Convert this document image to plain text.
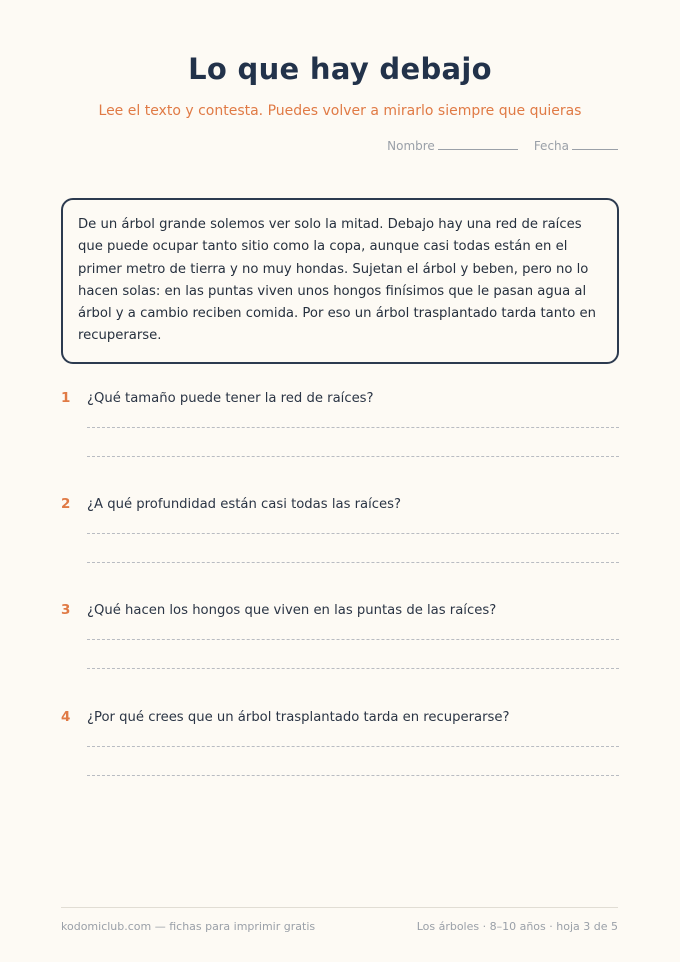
Lo que hay debajo
Lee el texto y contesta. Puedes volver a mirarlo siempre que quieras
Nombre	Fecha

De un árbol grande solemos ver solo la mitad. Debajo hay una red de raíces que puede ocupar tanto sitio como la copa, aunque casi todas están en el primer metro de tierra y no muy hondas. Sujetan el árbol y beben, pero no lo hacen solas: en las puntas viven unos hongos finísimos que le pasan agua al árbol y a cambio reciben comida. Por eso un árbol trasplantado tarda tanto en recuperarse.

1 ¿Qué tamaño puede tener la red de raíces?
2 ¿A qué profundidad están casi todas las raíces?
3 ¿Qué hacen los hongos que viven en las puntas de las raíces?
4 ¿Por qué crees que un árbol trasplantado tarda en recuperarse?
kodomiclub.com — fichas para imprimir gratis	Los árboles · 8–10 años · hoja 3 de 5
